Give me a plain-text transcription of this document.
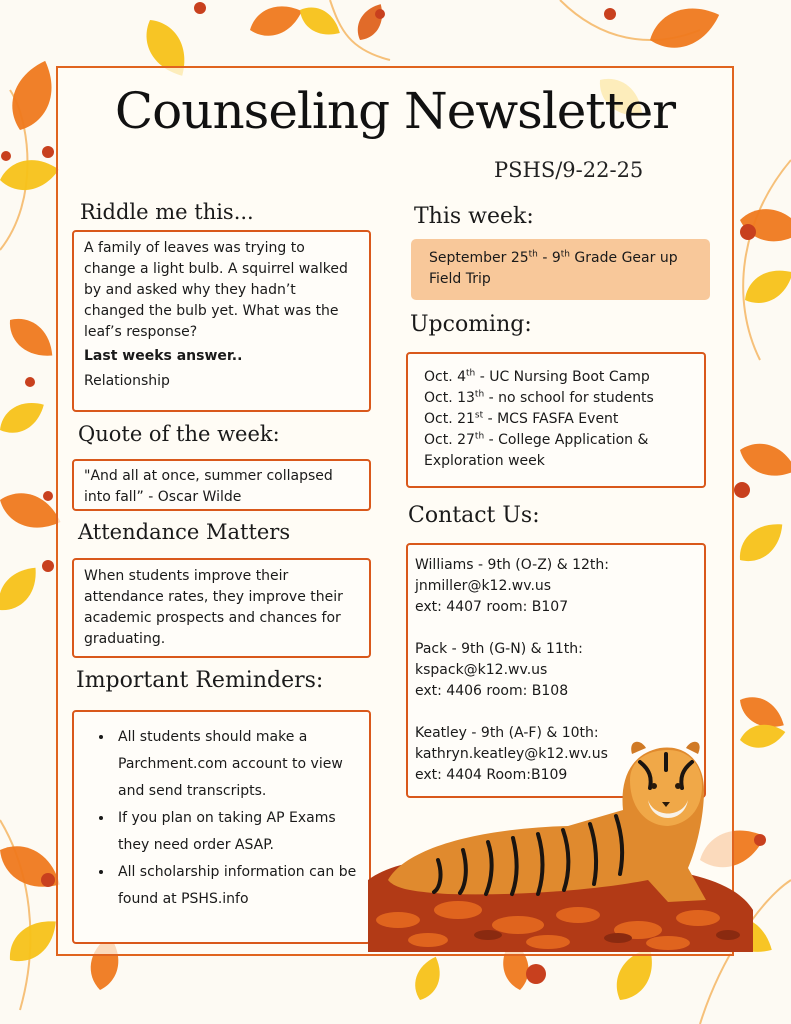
Counseling Newsletter
PSHS/9-22-25
Riddle me this...

A family of leaves was trying to change a light bulb. A squirrel walked by and asked why they hadn’t changed the bulb yet. What was the leaf’s response?

Last weeks answer..

Relationship

Quote of the week:

"And all at once, summer collapsed into fall” - Oscar Wilde

Attendance Matters

When students improve their attendance rates, they improve their academic prospects and chances for graduating.

Important Reminders:
• All students should make a Parchment.com account to view and send transcripts.
• If you plan on taking AP Exams they need order ASAP.
• All scholarship information can be found at PSHS.info
This week:
September 25th - 9th Grade Gear up Field Trip
Upcoming:

Oct. 4th - UC Nursing Boot Camp

Oct. 13th - no school for students

Oct. 21st - MCS FASFA Event

Oct. 27th - College Application & Exploration week

Contact Us:

Williams - 9th (O-Z) & 12th:

jnmiller@k12.wv.us

ext: 4407 room: B107

Pack - 9th (G-N) & 11th:

kspack@k12.wv.us

ext: 4406 room: B108

Keatley - 9th (A-F) & 10th:

kathryn.keatley@k12.wv.us

ext: 4404 Room:B109
